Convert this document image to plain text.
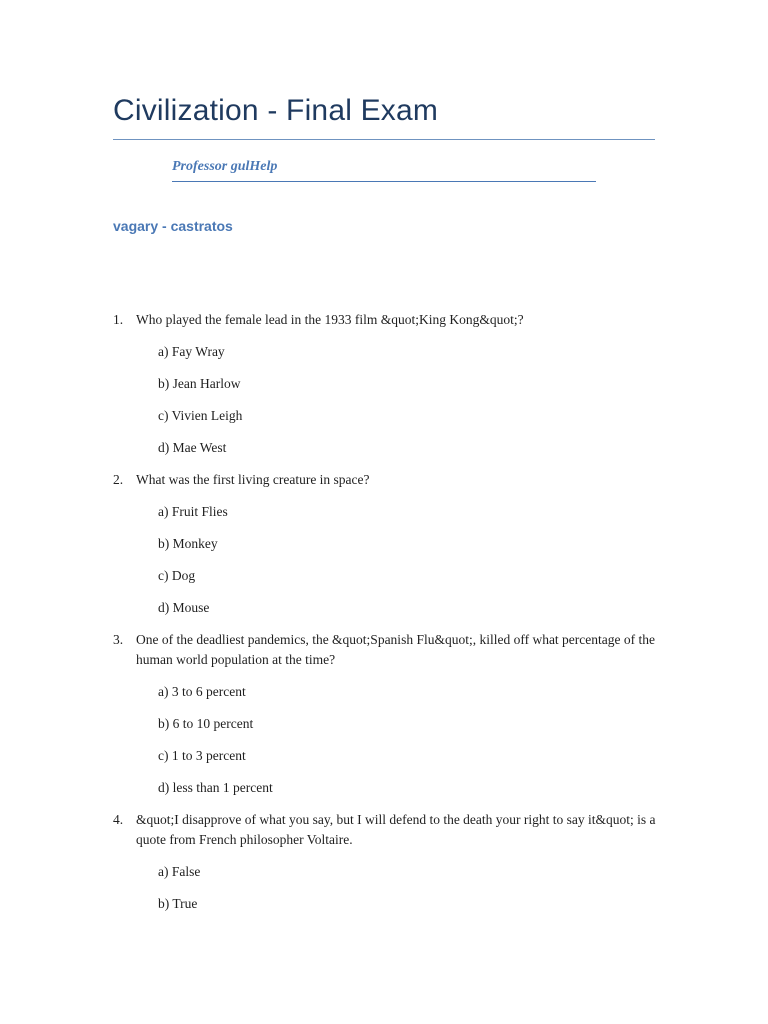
Civilization - Final Exam
Professor gulHelp
vagary - castratos
1. Who played the female lead in the 1933 film &quot;King Kong&quot;?
a) Fay Wray
b) Jean Harlow
c) Vivien Leigh
d) Mae West
2. What was the first living creature in space?
a) Fruit Flies
b) Monkey
c) Dog
d) Mouse
3. One of the deadliest pandemics, the &quot;Spanish Flu&quot;, killed off what percentage of the human world population at the time?
a) 3 to 6 percent
b) 6 to 10 percent
c) 1 to 3 percent
d) less than 1 percent
4. &quot;I disapprove of what you say, but I will defend to the death your right to say it&quot; is a quote from French philosopher Voltaire.
a) False
b) True
